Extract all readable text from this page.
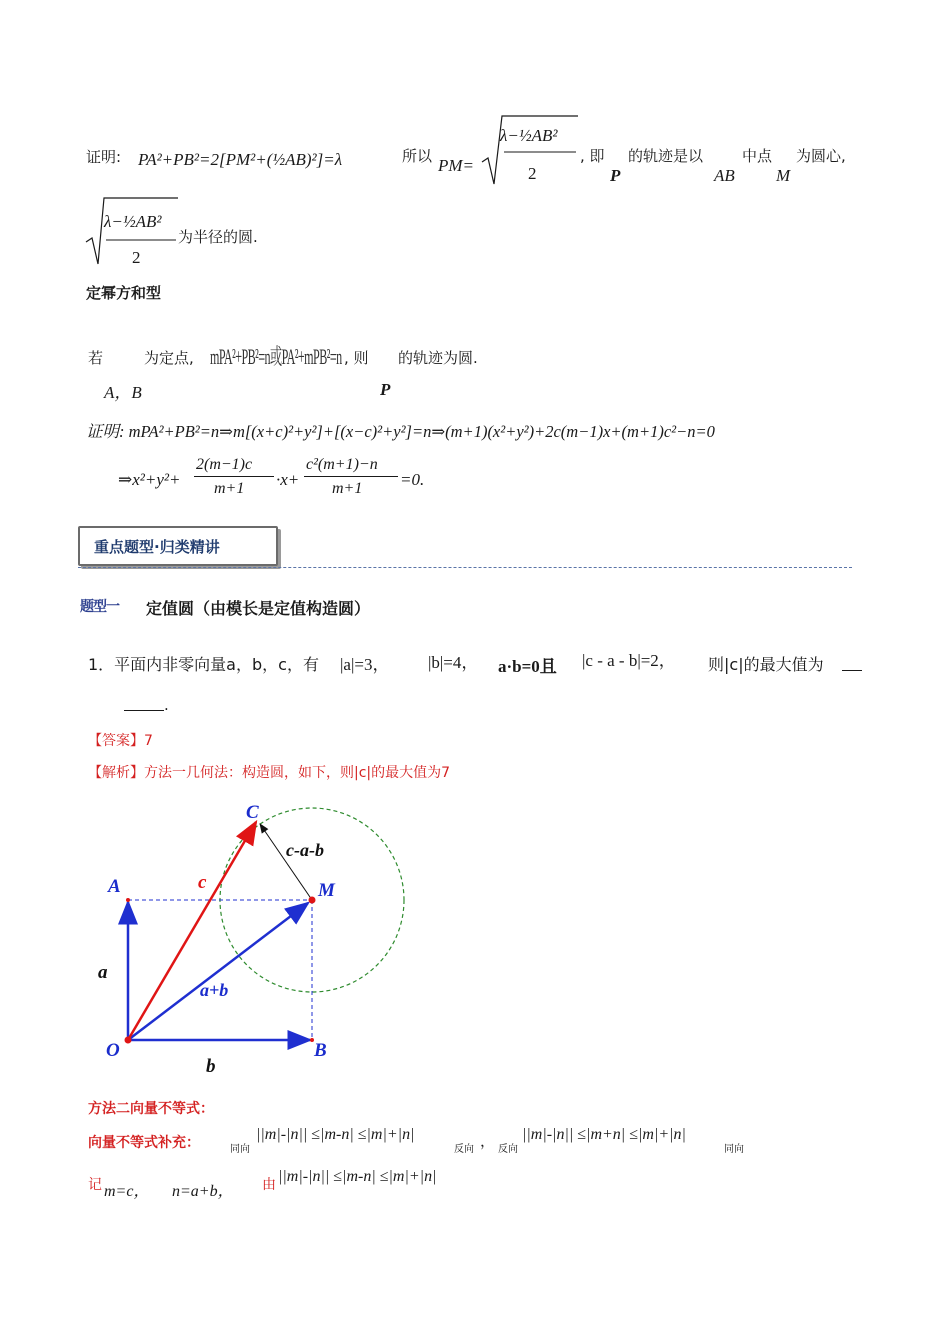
证明: PA²+PB²=2[PM²+(½AB)²]=λ	所以 PM=
λ−½AB²
2
, 即
P
的轨迹是以
AB
中点
M
为圆心,
λ−½AB²
2
为半径的圆.
定幂方和型
若
A，B
为定点, mPA²+PB²=n或PA²+mPB²=n , 则
P
的轨迹为圆.
证明: mPA²+PB²=n⇒m[(x+c)²+y²]+[(x−c)²+y²]=n⇒(m+1)(x²+y²)+2c(m−1)x+(m+1)c²−n=0
⇒x²+y²+
2(m−1)c
m+1 ·x+
c²(m+1)−n
m+1 =0.
重点题型·归类精讲
题型一 定值圆（由模长是定值构造圆）
1．平面内非零向量a，b，c，有 |a|=3， |b|=4， a·b=0且 |c - a - b|=2， 则|c|的最大值为
.
【答案】7
【解析】方法一几何法：构造圆，如下，则|c|的最大值为7
C
A	M
O	B
c
a
b
a+b
c-a-b
方法二向量不等式：
向量不等式补充：	同向
||m|-|n|| ≤|m-n| ≤|m|+|n|
反向 ， 反向
||m|-|n|| ≤|m+n| ≤|m|+|n|
同向
记 m=c， n=a+b， 由 ||m|-|n|| ≤|m-n| ≤|m|+|n|
